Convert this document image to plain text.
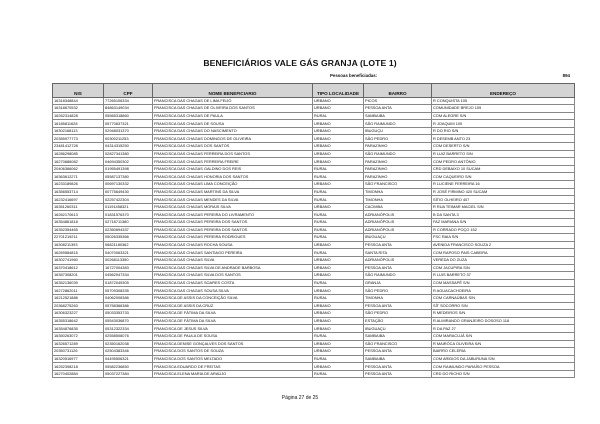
BENEFICIÁRIOS VALE GÁS GRANJA (LOTE 1)
Pessoas beneficiadas:	894
NIS	CPF	NOME BENEFICIARIO	TIPO LOCALIDADE	BAIRRO	ENDEREÇO
16318348844	77265106334	FRANCISCA DAS CHAGAS DE LIMA FEIJÓ	URBANO	PICOS	R CONQUISTA 105
16318670532	84863149034	FRANCISCA DAS CHAGAS DE OLIVEIRA DOS SANTOS	URBANO	PESSOA ANTA	COMUNIDADE BREJO 109
16262314828	05565318860	FRANCISCA DAS CHAGAS DE PAULA	RURAL	SAMBAIBA	COM ALEGRE S/N
16185811628	05770637321	FRANCISCA DAS CHAGAS DE SOUSA	URBANO	SÃO RAIMUNDO	R JOAQUIM 100
16302168113	02948031370	FRANCISCA DAS CHAGAS DO NASCIMENTO	URBANO	IBUGUÇU	R DO RIO S/N
20355977773	00300211253	FRANCISCA DAS CHAGAS DOMINGOS DE OLIVEIRA	URBANO	SÃO PEDRO	R DESEMB ANTO 23
23481412728	04314315250	FRANCISCA DAS CHAGAS DOS SANTOS	URBANO	PARAZINHO	COM DESERTO S/N
16286298085	02827341380	FRANCISCA DAS CHAGAS FERREIRA DOS SANTOS	URBANO	SÃO RAIMUNDO	R LUIZ BARRETO S/N
16270686082	04694350302	FRANCISCA DAS CHAGAS FERREIRA FREIRE	URBANO	PARAZINHO	COM PEDRO ANTÔNIO
20406366062	01955491398	FRANCISCA DAS CHAGAS GALDINO DOS REIS	RURAL	PARAZINHO	CRD DEBAIXO 10 SUCAM
16363612271	05587137380	FRANCISCA DAS CHAGAS HONORIA DOS SANTOS	RURAL	PARAZINHO	COM CAQUEIRO S/N
16233189826	00697130332	FRANCISCA DAS CHAGAS LIMA CONCEIÇÃO	URBANO	SÃO FRANCISCO	R LUCIENE FERREIRA 16
16356553714	00775649430	FRANCISCA DAS CHAGAS MARTINS DA SILVA	RURAL	TIMONHA	R JOSÉ FIRMINO 420 SUCAM
16232416697	02257422304	FRANCISCA DAS CHAGAS MENDES DA SILVA	RURAL	TIMONHA	SÍTIO OLHEIRO 407
16351260311	01191458321	FRANCISCA DAS CHAGAS MORAIS SILVA	URBANO	CACIMBA	R RUA TEIMAR MACIEL S/N
16262170613	01831576370	FRANCISCA DAS CHAGAS PEREIRA DO LIVRAMENTO	RURAL	ADRIANÓPOLIS	B DA SANTA 3
16354861818	02718711380	FRANCISCA DAS CHAGAS PEREIRA DOS SANTOS	RURAL	ADRIANÓPOLIS	FAZ MARIANA S/N
16352354465	02350694337	FRANCISCA DAS CHAGAS PEREIRA DOS SANTOS	RURAL	ADRIANÓPOLIS	R CORRADO POÇO 152
22701219211	05026335366	FRANCISCA DAS CHAGAS PEREIRA RODRIGUES	RURAL	IBUGUAÇU	FSC RAIA S/N
16308211393	06821180362	FRANCISCA DAS CHAGAS ROCHA SOUSA	URBANO	PESSOA ANTA	AVENIDA FRANCISCO SOUZA 2
16269584815	04070063321	FRANCISCA DAS CHAGAS SANTIAGO PEREIRA	RURAL	SANTA RITA	COM RAPOSO PAIS CABEIRA
16302741960	00268113350	FRANCISCA DAS CHAGAS SILVA	URBANO	ADRIANÓPOLIS	VEREDA DO ZUZA
16370418612	16727004383	FRANCISCA DAS CHAGAS SILVA DE ANDRADE BARBOSA	URBANO	PESSOA ANTA	COM JACUPIRA S/N
16357308201	04562047334	FRANCISCA DAS CHAGAS SILVA DOS SANTOS	URBANO	SÃO RAIMUNDO	R LUIS BARRETO 37
16352136039	01872049305	FRANCISCA DAS CHAGAS SOARES COSTA	RURAL	GRANJA	COM MASSAPÊ S/N
16272862011	05709308335	FRANCISCA DAS CHAGAS SOUSA SILVA	URBANO	SÃO PEDRO	R AGUACACHOEIRA
16212521886	04062008386	FRANCISCA DE ASSIS DA CONCEIÇÃO SILVA	RURAL	TIMONHA	COM CARNAÚBAS S/N
20368275263	05758366386	FRANCISCA DE ASSIS DA CRUZ	URBANO	PESSOA ANTA	SÍT SOCORRO S/N
16306323227	05033353733	FRANCISCA DE FÁTIMA DA SILVA	URBANO	SÃO PEDRO	R MEDEIROS S/N
16355318642	05543036870	FRANCISCA DE FÁTIMA DA SILVA	URBANO	ESTAÇÃO	R ALMIRANDO GRANJEIRO DOSOSO 118
16354876835	05312322334	FRANCISCA DE JESUS SILVA	URBANO	IBUGUAÇU	R DA PAZ 27
16350263072	02558508076	FRANCISCA DE PAULA DE SOUSA	RURAL	SAMBAIBA	COM MARACUJÁ S/N
16326571289	02350162038	FRANCISCA DENISE GONÇALVES DOS SANTOS	URBANO	SÃO FRANCISCO	R MAIRÓCA OLIVEIRA S/N
20350731126	02504383346	FRANCISCA DOS SANTOS DE SOUZA	URBANO	PESSOA ANTA	BAIRRO CELERIA
16320516977	04495506321	FRANCISCA DOS SANTOS MELTADO	RURAL	SAMBAIBA	COM ARIDIOS DA JABURUNA S/N
16252398218	05582236850	FRANCISCA EDUARDO DE FREITAS	URBANO	PESSOA ANTA	COM RAIMUNDO PARAÍSO PESSOA
16270402884	05037227384	FRANCISCA ELENA MARIA DE ARAÚJO	RURAL	PESSOA ANTA	CRD DO RICHO S/N
Página 27 de 25
